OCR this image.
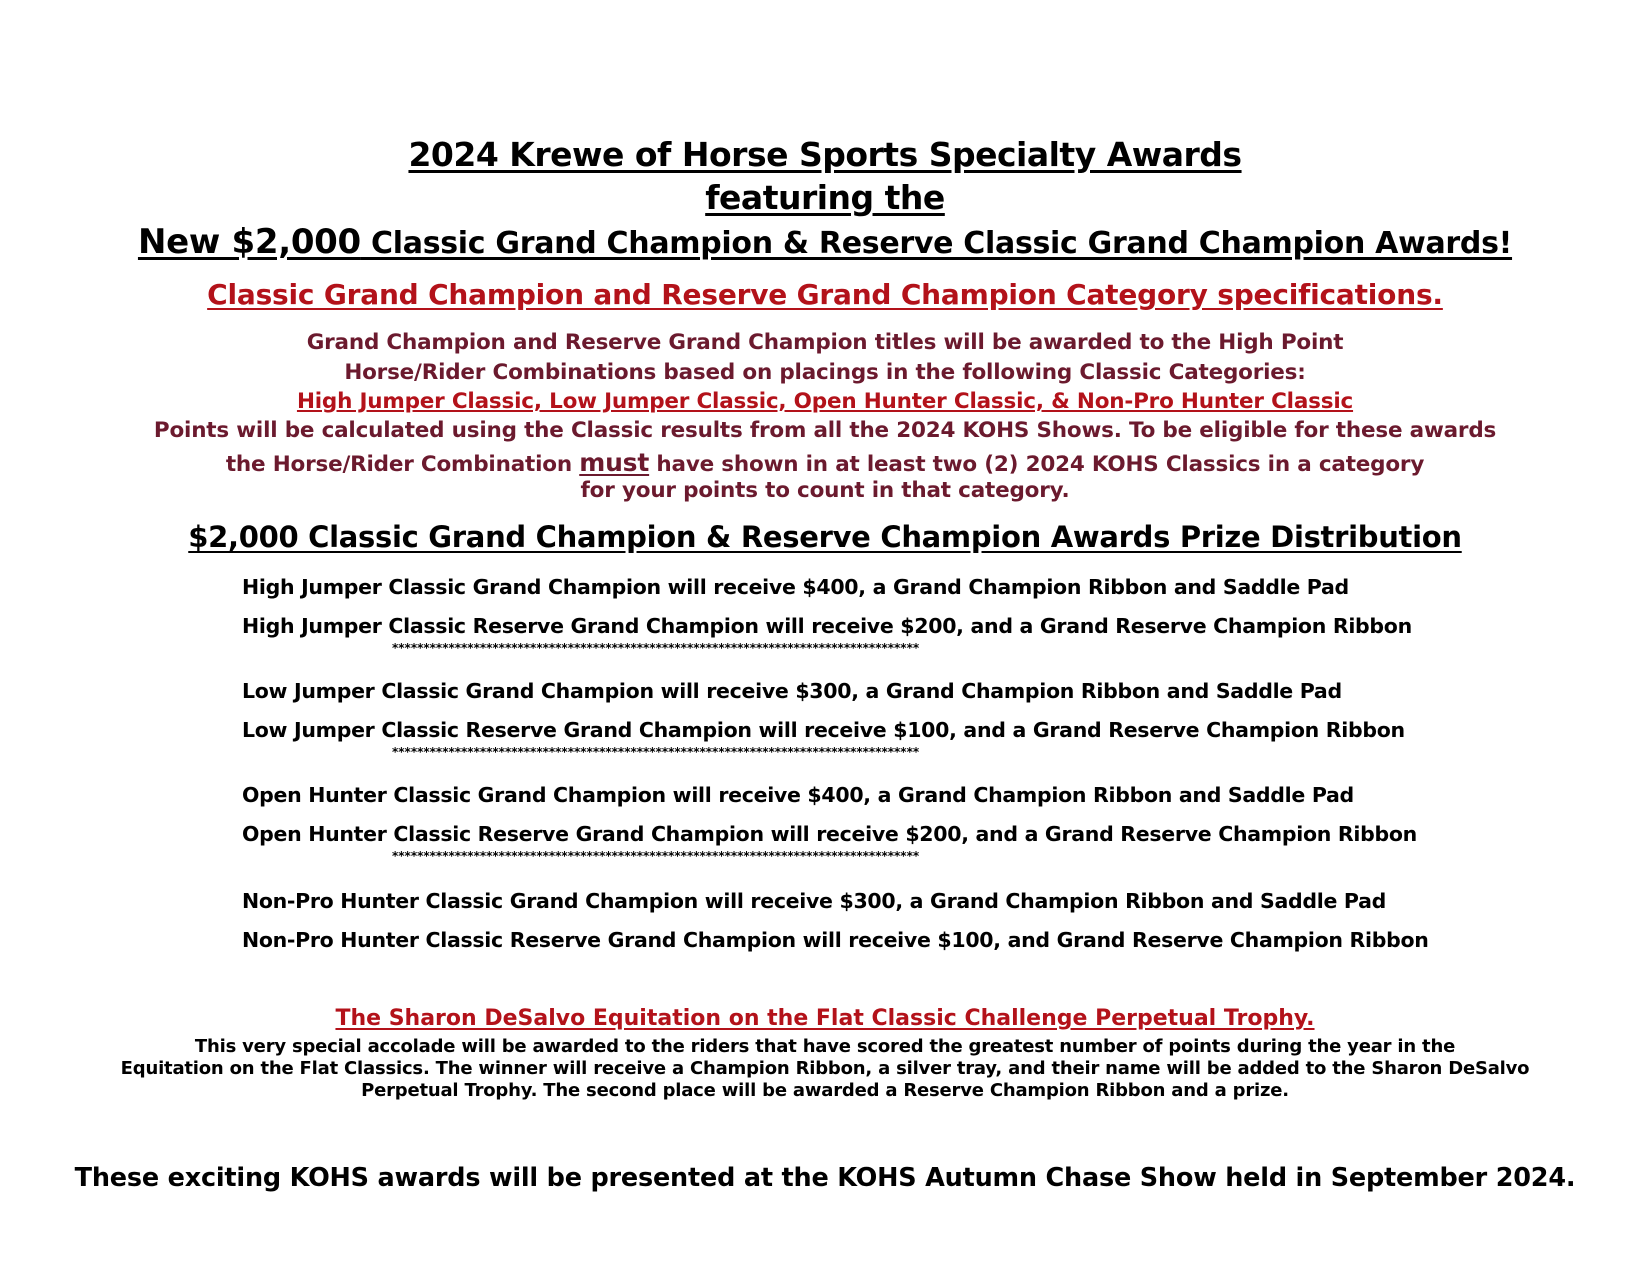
2024 Krewe of Horse Sports Specialty Awards
featuring the
New $2,000 Classic Grand Champion & Reserve Classic Grand Champion Awards!
Classic Grand Champion and Reserve Grand Champion Category specifications.
Grand Champion and Reserve Grand Champion titles will be awarded to the High Point
Horse/Rider Combinations based on placings in the following Classic Categories:
High Jumper Classic, Low Jumper Classic, Open Hunter Classic, & Non-Pro Hunter Classic
Points will be calculated using the Classic results from all the 2024 KOHS Shows. To be eligible for these awards
the Horse/Rider Combination must have shown in at least two (2) 2024 KOHS Classics in a category
for your points to count in that category.
$2,000 Classic Grand Champion & Reserve Champion Awards Prize Distribution
High Jumper Classic Grand Champion will receive $400, a Grand Champion Ribbon and Saddle Pad
High Jumper Classic Reserve Grand Champion will receive $200, and a Grand Reserve Champion Ribbon
************************************************************************************
Low Jumper Classic Grand Champion will receive $300, a Grand Champion Ribbon and Saddle Pad
Low Jumper Classic Reserve Grand Champion will receive $100, and a Grand Reserve Champion Ribbon
************************************************************************************
Open Hunter Classic Grand Champion will receive $400, a Grand Champion Ribbon and Saddle Pad
Open Hunter Classic Reserve Grand Champion will receive $200, and a Grand Reserve Champion Ribbon
************************************************************************************
Non-Pro Hunter Classic Grand Champion will receive $300, a Grand Champion Ribbon and Saddle Pad
Non-Pro Hunter Classic Reserve Grand Champion will receive $100, and Grand Reserve Champion Ribbon
The Sharon DeSalvo Equitation on the Flat Classic Challenge Perpetual Trophy.
This very special accolade will be awarded to the riders that have scored the greatest number of points during the year in the
Equitation on the Flat Classics. The winner will receive a Champion Ribbon, a silver tray, and their name will be added to the Sharon DeSalvo
Perpetual Trophy. The second place will be awarded a Reserve Champion Ribbon and a prize.
These exciting KOHS awards will be presented at the KOHS Autumn Chase Show held in September 2024.
